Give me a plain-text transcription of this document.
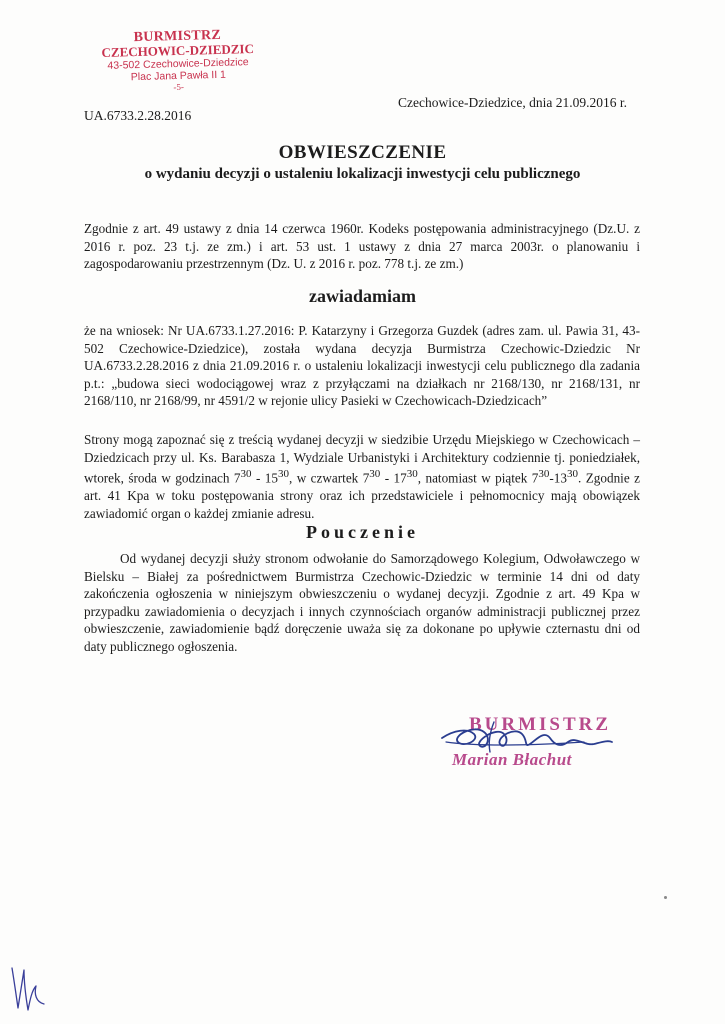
BURMISTRZ
CZECHOWIC-DZIEDZIC
43-502 Czechowice-Dziedzice
Plac Jana Pawła II 1
-5-
Czechowice-Dziedzice, dnia 21.09.2016 r.
UA.6733.2.28.2016
OBWIESZCZENIE
o wydaniu decyzji o ustaleniu lokalizacji inwestycji celu publicznego
Zgodnie z art. 49 ustawy z dnia 14 czerwca 1960r. Kodeks postępowania administracyjnego (Dz.U. z 2016 r. poz. 23 t.j. ze zm.) i art. 53 ust. 1 ustawy z dnia 27 marca 2003r. o planowaniu i zagospodarowaniu przestrzennym (Dz. U. z 2016 r. poz. 778 t.j. ze zm.)
zawiadamiam
że na wniosek: Nr UA.6733.1.27.2016: P. Katarzyny i Grzegorza Guzdek (adres zam. ul. Pawia 31, 43-502 Czechowice-Dziedzice), została wydana decyzja Burmistrza Czechowic-Dziedzic Nr UA.6733.2.28.2016 z dnia 21.09.2016 r. o ustaleniu lokalizacji inwestycji celu publicznego dla zadania p.t.: „budowa sieci wodociągowej wraz z przyłączami na działkach nr 2168/130, nr 2168/131, nr 2168/110, nr 2168/99, nr 4591/2 w rejonie ulicy Pasieki w Czechowicach-Dziedzicach”
Strony mogą zapoznać się z treścią wydanej decyzji w siedzibie Urzędu Miejskiego w Czechowicach – Dziedzicach przy ul. Ks. Barabasza 1, Wydziale Urbanistyki i Architektury codziennie tj. poniedziałek, wtorek, środa w godzinach $7^{30} - 15^{30}$, w czwartek $7^{30} - 17^{30}$, natomiast w piątek $7^{30}-13^{30}$. Zgodnie z art. 41 Kpa w toku postępowania strony oraz ich przedstawiciele i pełnomocnicy mają obowiązek zawiadomić organ o każdej zmianie adresu.
Pouczenie
Od wydanej decyzji służy stronom odwołanie do Samorządowego Kolegium, Odwoławczego w Bielsku – Białej za pośrednictwem Burmistrza Czechowic-Dziedzic w terminie 14 dni od daty zakończenia ogłoszenia w niniejszym obwieszczeniu o wydanej decyzji. Zgodnie z art. 49 Kpa w przypadku zawiadomienia o decyzjach i innych czynnościach organów administracji publicznej przez obwieszczenie, zawiadomienie bądź doręczenie uważa się za dokonane po upływie czternastu dni od daty publicznego ogłoszenia.
BURMISTRZ
Marian Błachut
